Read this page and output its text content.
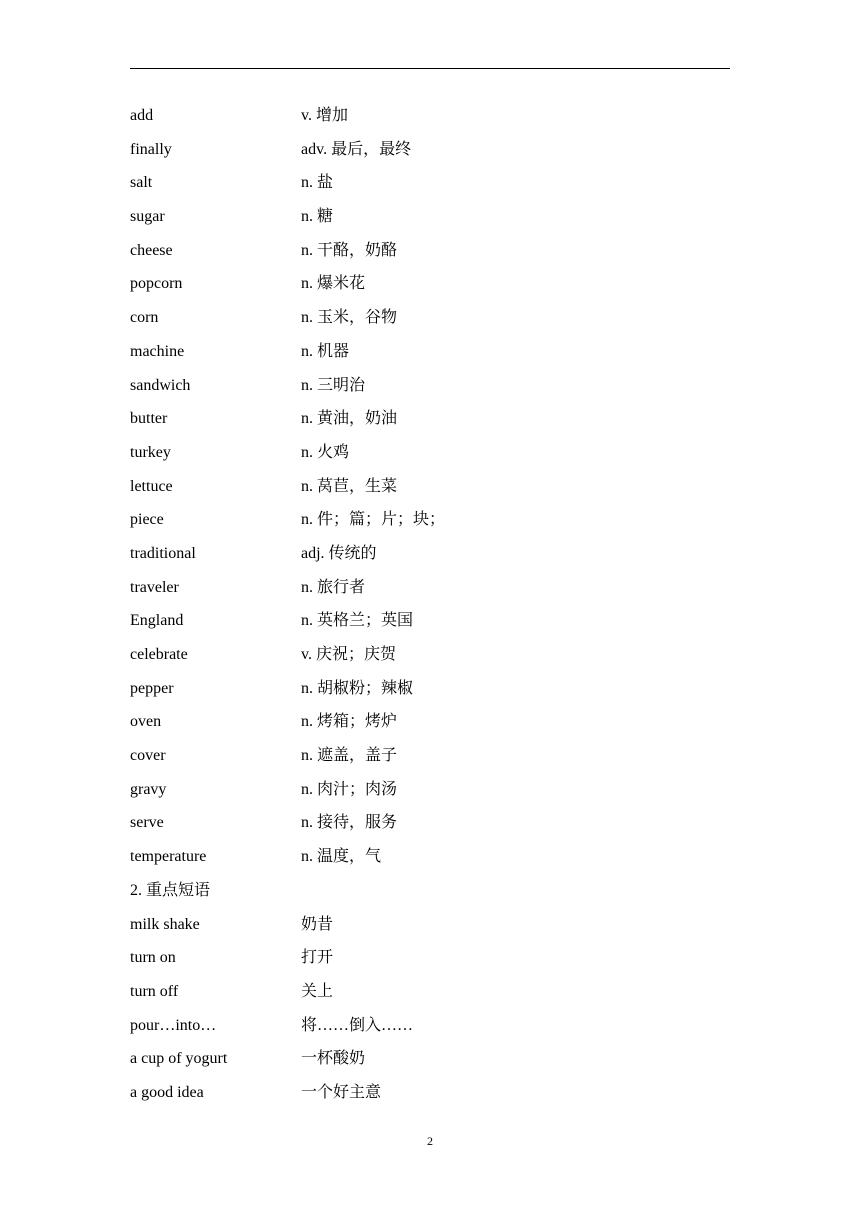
add	v. 增加
finally	adv. 最后，最终
salt	n. 盐
sugar	n. 糖
cheese	n. 干酪，奶酪
popcorn	n. 爆米花
corn	n. 玉米，谷物
machine	n. 机器
sandwich	n. 三明治
butter	n. 黄油，奶油
turkey	n. 火鸡
lettuce	n. 莴苣，生菜
piece	n. 件；篇；片；块；
traditional	adj. 传统的
traveler	n. 旅行者
England	n. 英格兰；英国
celebrate	v. 庆祝；庆贺
pepper	n. 胡椒粉；辣椒
oven	n. 烤箱；烤炉
cover	n. 遮盖，盖子
gravy	n. 肉汁；肉汤
serve	n. 接待，服务
temperature	n. 温度，气
2. 重点短语
milk shake	奶昔
turn on	打开
turn off	关上
pour…into…	将……倒入……
a cup of yogurt	一杯酸奶
a good idea	一个好主意
2
